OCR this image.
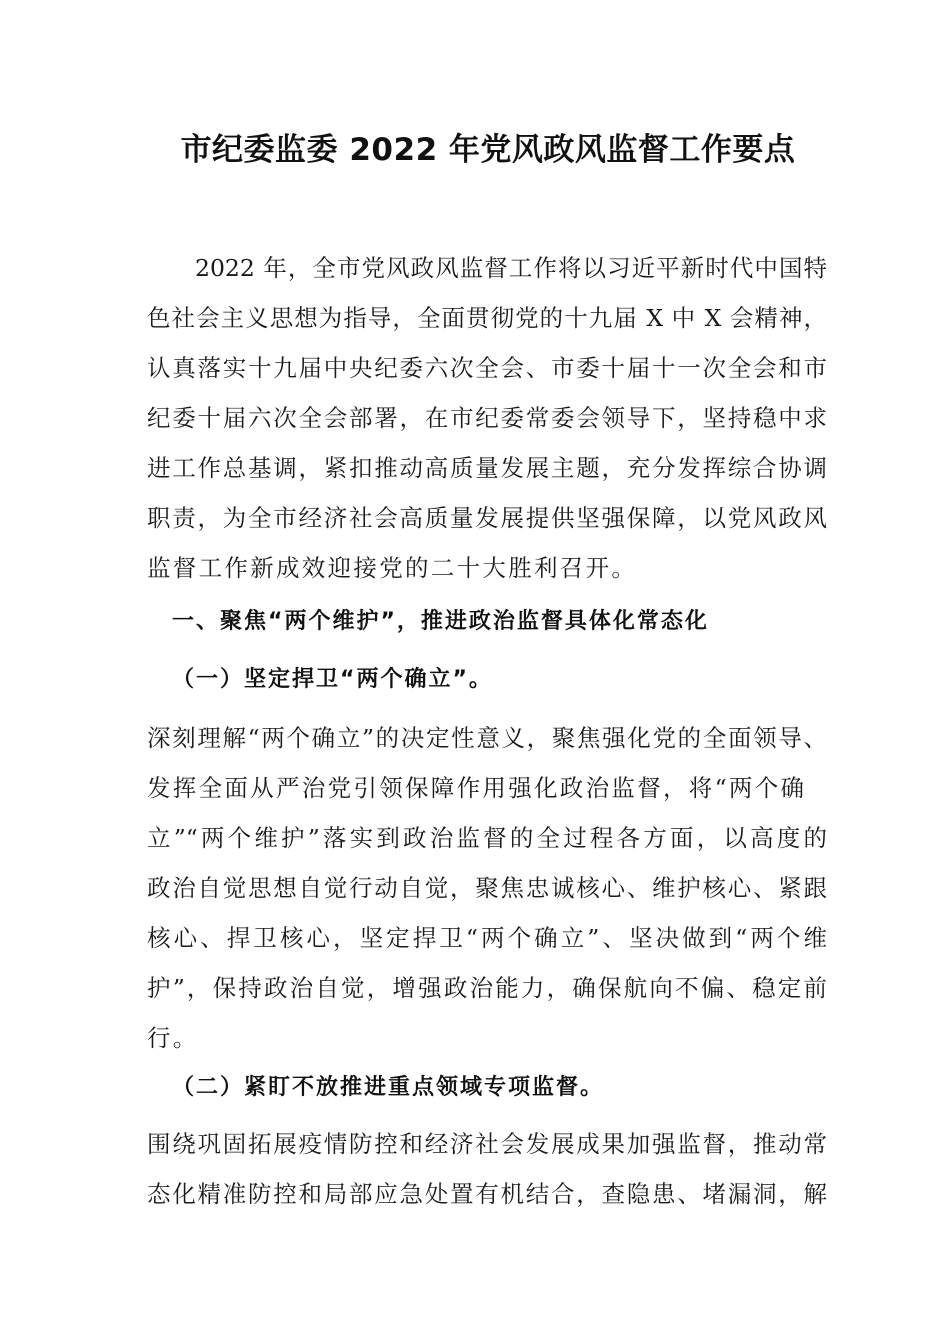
市纪委监委 2022 年党风政风监督工作要点

2022 年，全市党风政风监督工作将以习近平新时代中国特

色社会主义思想为指导，全面贯彻党的十九届 X 中 X 会精神，

认真落实十九届中央纪委六次全会、市委十届十一次全会和市

纪委十届六次全会部署，在市纪委常委会领导下，坚持稳中求

进工作总基调，紧扣推动高质量发展主题，充分发挥综合协调

职责，为全市经济社会高质量发展提供坚强保障，以党风政风

监督工作新成效迎接党的二十大胜利召开。

一、聚焦“两个维护”，推进政治监督具体化常态化

（一）坚定捍卫“两个确立”。

深刻理解“两个确立”的决定性意义，聚焦强化党的全面领导、

发挥全面从严治党引领保障作用强化政治监督，将“两个确

立”“两个维护”落实到政治监督的全过程各方面，以高度的

政治自觉思想自觉行动自觉，聚焦忠诚核心、维护核心、紧跟

核心、捍卫核心，坚定捍卫“两个确立”、坚决做到“两个维

护”，保持政治自觉，增强政治能力，确保航向不偏、稳定前

行。

（二）紧盯不放推进重点领域专项监督。

围绕巩固拓展疫情防控和经济社会发展成果加强监督，推动常

态化精准防控和局部应急处置有机结合，查隐患、堵漏洞，解
